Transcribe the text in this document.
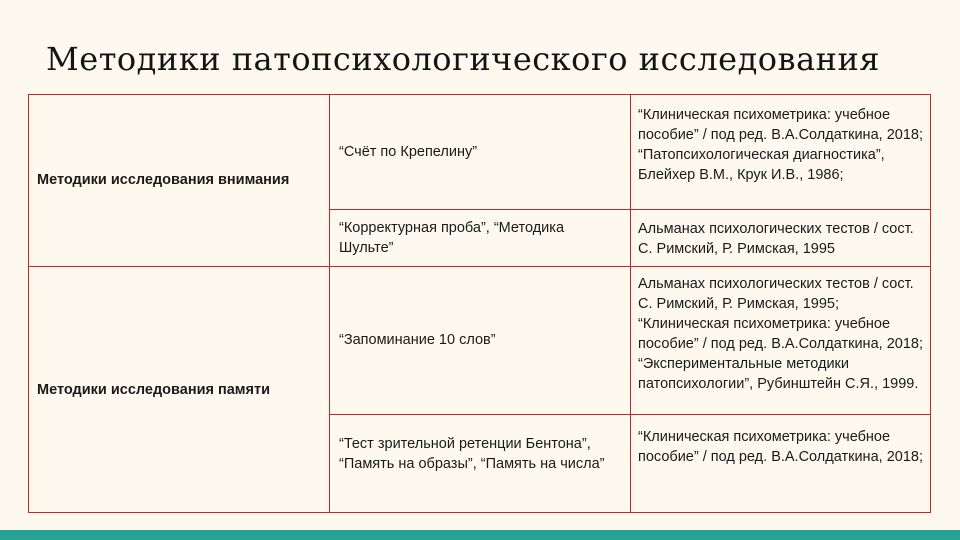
Методики патопсихологического исследования
Методики исследования внимания
“Счёт по Крепелину”
“Клиническая психометрика: учебное пособие” / под ред. В.А.Солдаткина, 2018;
“Патопсихологическая диагностика”, Блейхер В.М., Крук И.В., 1986;
“Корректурная проба”, “Методика Шульте”
Альманах психологических тестов / сост. С. Римский, Р. Римская, 1995
Методики исследования памяти
“Запоминание 10 слов”
Альманах психологических тестов / сост. С. Римский, Р. Римская, 1995;
“Клиническая психометрика: учебное пособие” / под ред. В.А.Солдаткина, 2018; “Экспериментальные методики патопсихологии”, Рубинштейн С.Я., 1999.
“Тест зрительной ретенции Бентона”, “Память на образы”, “Память на числа”
“Клиническая психометрика: учебное пособие” / под ред. В.А.Солдаткина, 2018;
